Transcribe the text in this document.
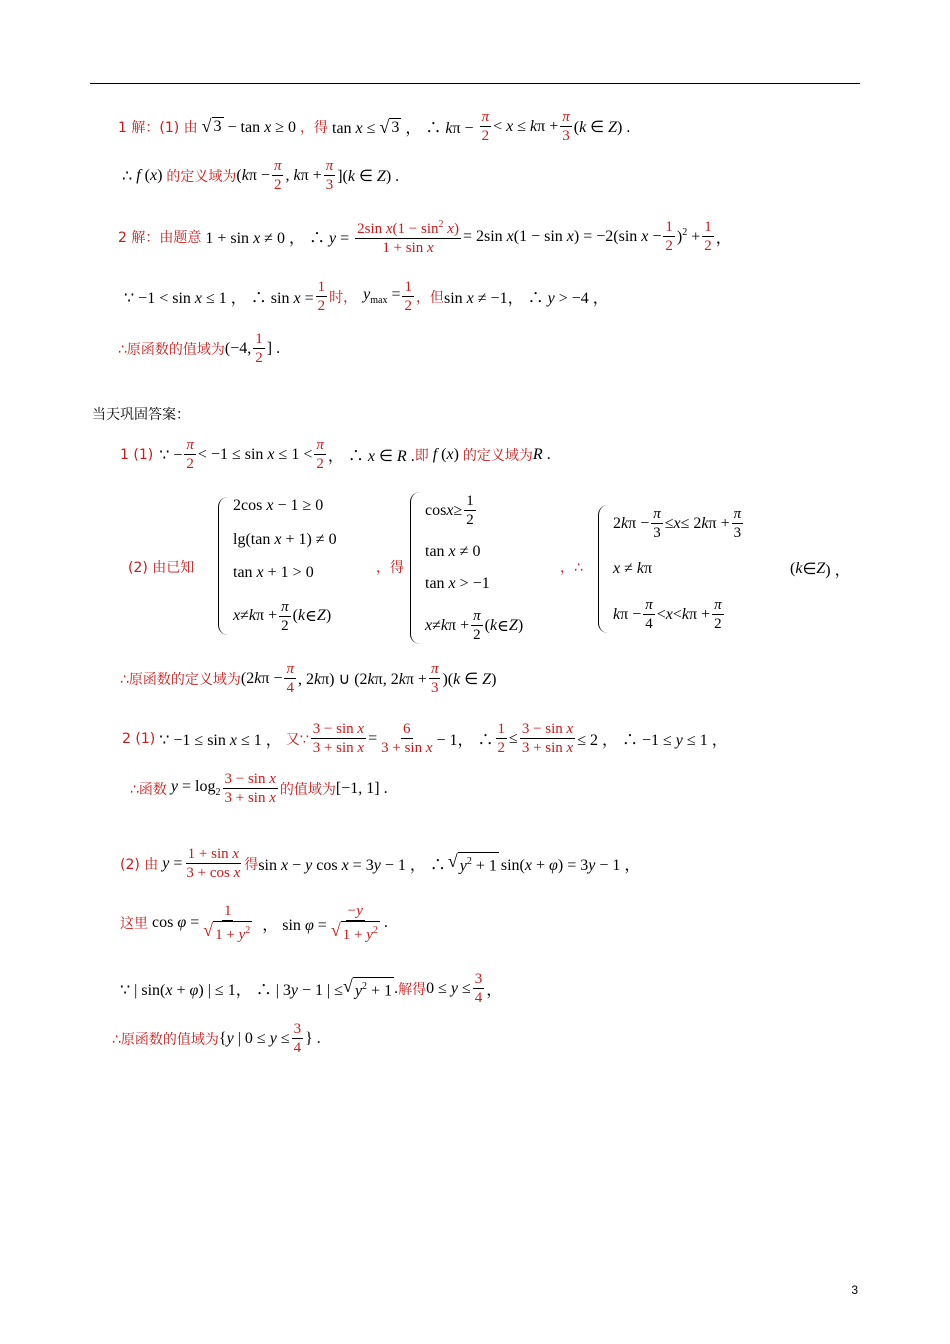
1 解：(1) 由 √ 3 − tan x ≥ 0 ，得 tan x ≤ √ 3 ， ∴ $k\pi - \frac{\pi}{2} < x \le k\pi + \frac{\pi}{3} (k$ ∈ Z) .
∴ f (x) 的定义域为 ($k\pi - \frac{\pi}{2}$ , $k\pi + \frac{\pi}{3} ](k$ ∈ Z) .
2 解：由题意 1 + sin x ≠ 0 ， ∴ $y = \frac{2\sin x(1 - \sin^2 x)}{\text{1 + sin x}} = 2\sin$ x(1 − sin x) = −2(sin $x - \frac{1}{2} )^2 + \frac{1}{2}$ ，
∵ −1 < sin x ≤ 1 ， ∴ $\sin x = \frac{1}{2}$ 时， $y_{max} = \frac{1}{2}$ ，但 sin x ≠ −1， ∴ y > −4 ，
∴原函数的值域为 (−4, $\frac{1}{2}$ ] .
当天巩固答案：
1 (1) ∵ − $\frac{\pi}{2} < -1 \le \sin x \le 1 < \frac{\pi}{2}$ ， ∴ x ∈ R . 即 f (x) 的定义域为 R .
(2) 由已知
2cos x − 1 ≥ 0
lg(tan x + 1) ≠ 0
tan x + 1 > 0
x ≠ k $\pi + \frac{\pi}{2}$ ( k ∈ Z )
，得
$\cos x \ge \frac{1}{2}$
tan x ≠ 0
tan x > −1
x ≠ k $\pi + \frac{\pi}{2}$ ( k ∈ Z )
，∴
2 k $\pi - \frac{\pi}{3} \le x \le 2$ k $\pi + \frac{\pi}{3}$
x ≠ kπ
k $\pi - \frac{\pi}{4} < x < k$ $\pi + \frac{\pi}{2}$
( k ∈ Z ) ，
∴原函数的定义域为 ($2k\pi - \frac{\pi}{4}$ , 2kπ) ∪ (2kπ, $2k\pi + \frac{\pi}{3} )(k$ ∈ Z)
2 (1) ∵ −1 ≤ sin x ≤ 1 ， 又∵ $\frac{\text{3 − sin x}}{\text{3 + sin x}} = \frac{6}{\text{3 + sin x}} - 1$， ∴ $\frac{1}{2} \le \frac{\text{3 − sin x}}{\text{3 + sin x}} \le 2$ ， ∴ −1 ≤ y ≤ 1 ，
∴函数 $y = \log_2 \frac{\text{3 − sin x}}{\text{3 + sin x}}$ 的值域为 [−1, 1] .
(2) 由 $y = \frac{\text{1 + sin x}}{\text{3 + cos x}}$ 得 sin x − y cos x = 3y − 1 ， ∴ √ $y^2 + 1$ sin(x + φ) = 3y − 1 ，
这里 $\cos \varphi = \frac{1}{√ 1 + y^2}$ ， $\sin \varphi = \frac{-y}{√ 1 + y^2}$ .
∵ | sin(x + φ) | ≤ 1， ∴ | 3y − 1 | ≤ √ $y^2 + 1$ . 解得 $0 \le y \le \frac{3}{4}$ ，
∴原函数的值域为 {y | $0 \le y \le \frac{3}{4}$ } .
3
